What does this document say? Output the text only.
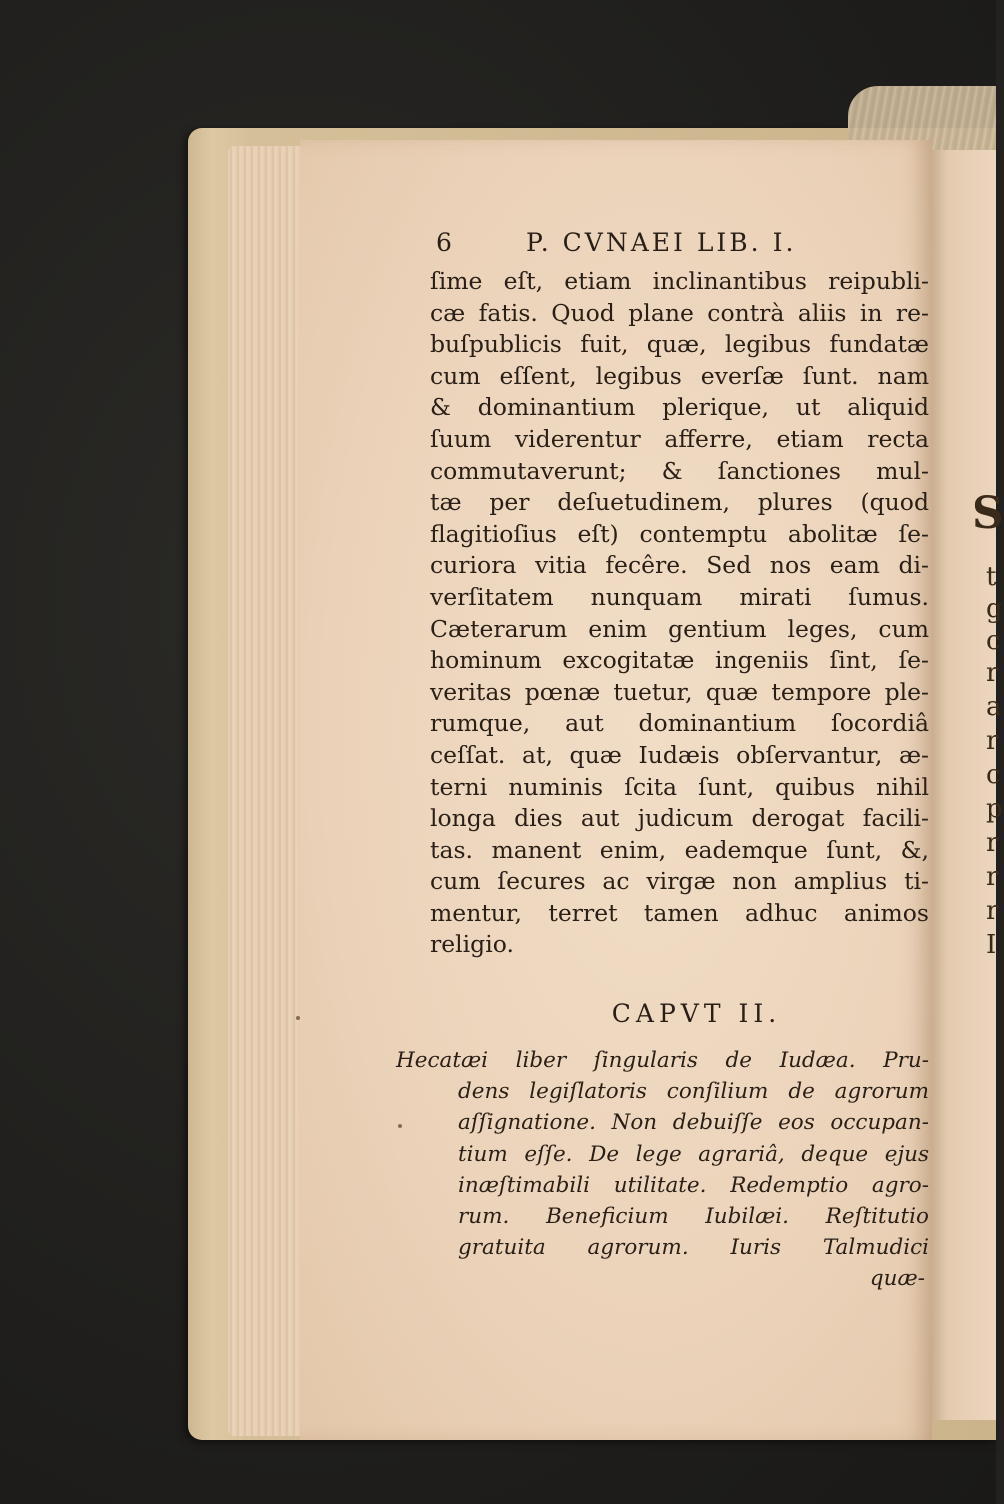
S
t
g
c
r
a
r
c
p
r
r
r
I
6	P. CVNAEI LIB. I.
ſime eſt, etiam inclinantibus reipubli-
cæ fatis. Quod plane contrà aliis in re-
buſpublicis fuit, quæ, legibus fundatæ
cum eſſent, legibus everſæ ſunt. nam
& dominantium plerique, ut aliquid
ſuum viderentur afferre, etiam recta
commutaverunt; & ſanctiones mul-
tæ per deſuetudinem, plures (quod
flagitioſius eſt) contemptu abolitæ ſe-
curiora vitia fecêre. Sed nos eam di-
verſitatem nunquam mirati ſumus.
Cæterarum enim gentium leges, cum
hominum excogitatæ ingeniis ſint, ſe-
veritas pœnæ tuetur, quæ tempore ple-
rumque, aut dominantium ſocordiâ
ceſſat. at, quæ Iudæis obſervantur, æ-
terni numinis ſcita ſunt, quibus nihil
longa dies aut judicum derogat facili-
tas. manent enim, eademque ſunt, &,
cum ſecures ac virgæ non amplius ti-
mentur, terret tamen adhuc animos
religio.
CAPVT II.
Hecatæi liber ſingularis de Iudæa. Pru-
dens legiſlatoris conſilium de agrorum
aſſignatione. Non debuiſſe eos occupan-
tium eſſe. De lege agrariâ, deque ejus
inæſtimabili utilitate. Redemptio agro-
rum. Beneficium Iubilæi. Reſtitutio
gratuita agrorum. Iuris Talmudici
quæ-
